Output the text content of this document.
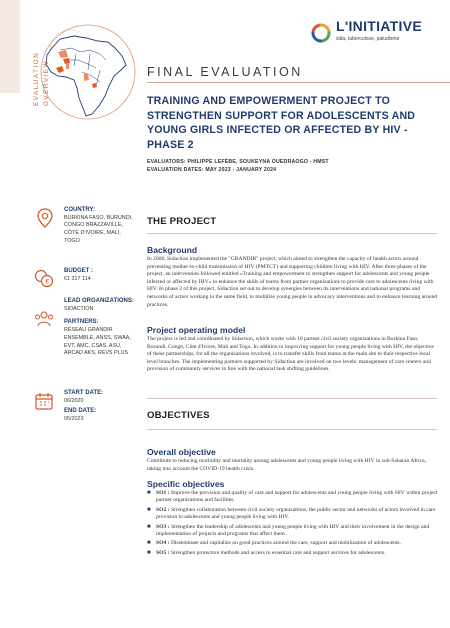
EVALUATION OVERVIEW
L'INITIATIVE
sida, tuberculose, paludisme
FINAL EVALUATION
TRAINING AND EMPOWERMENT PROJECT TO STRENGTHEN SUPPORT FOR ADOLESCENTS AND YOUNG GIRLS INFECTED OR AFFECTED BY HIV - PHASE 2
EVALUATORS: PHILIPPE LEFÈBE, SOUKEYNA OUEDRAOGO - HMST
EVALUATION DATES: MAY 2023 - JANUARY 2024
COUNTRY:
BURKINA FASO, BURUNDI, CONGO BRAZZAVILLE, CÔTE D'IVOIRE, MALI, TOGO
€
BUDGET :
€1 317 114
LEAD ORGANIZATIONS:
SIDACTION
PARTNERS:
RÉSEAU GRANDIR ENSEMBLE, ANSS, SWAA, EVT, AMC, CSAS, ASU, ARCAD AKS, REVS PLUS
START DATE:
06/2020
END DATE:
05/2023
THE PROJECT
Background
In 2006, Sidaction implemented the "GRANDIR" project, which aimed to strengthen the capacity of health actors around preventing mother-to-child transmission of HIV (PMTCT) and supporting children living with HIV. After three phases of the project, an intervention followed entitled «Training and empowerment to strengthen support for adolescents and young people infected or affected by HIV» to enhance the skills of teams from partner organizations to provide care to adolescents living with HIV. In phase 2 of this project, Sidaction set out to develop synergies between its interventions and national programs and networks of actors working in the same field, to mobilize young people in advocacy interventions and to enhance learning around practices.
Project operating model
The project is led and coordinated by Sidaction, which works with 10 partner civil society organizations in Burkina Faso, Burundi, Congo, Côte d'Ivoire, Mali and Togo. In addition to improving support for young people living with HIV, the objective of these partnerships, for all the organizations involved, is to transfer skills from teams at the main site to their respective local level branches. The implementing partners supported by Sidaction are involved on two levels: management of care centers and provision of community services in line with the national task shifting guidelines.
OBJECTIVES
Overall objective
Contribute to reducing morbidity and mortality among adolescents and young people living with HIV in sub-Saharan Africa, taking into account the COVID-19 health crisis.
Specific objectives
■ SO1 : Improve the provision and quality of care and support for adolescents and young people living with HIV within project partner organizations and facilities.
■ SO2 : Strengthen collaboration between civil society organizations, the public sector and networks of actors involved in care provision to adolescents and young people living with HIV.
■ SO3 : Strengthen the leadership of adolescents and young people living with HIV and their involvement in the design and implementation of projects and programs that affect them.
■ SO4 : Disseminate and capitalize on good practices around the care, support and mobilization of adolescents.
■ SO5 : Strengthen protection methods and access to essential care and support services for adolescents.
